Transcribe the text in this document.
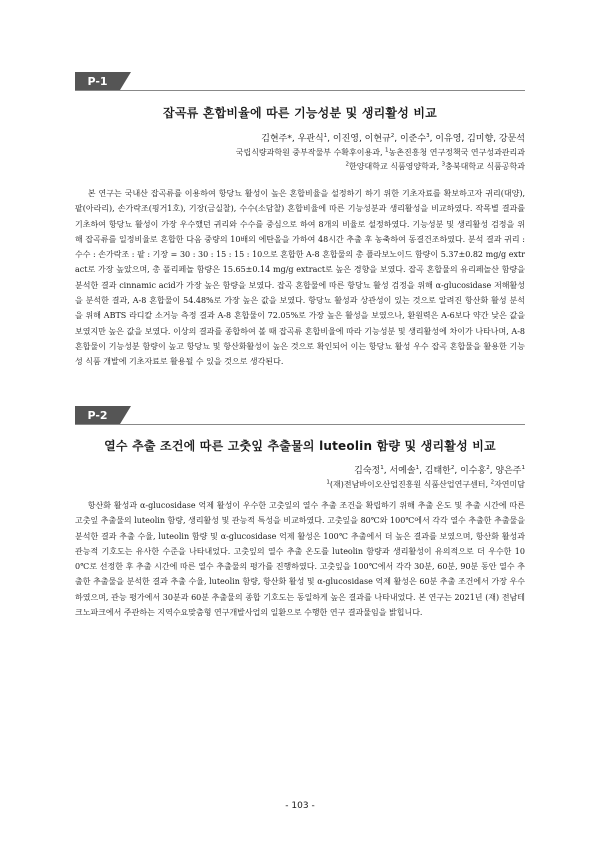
P-1
잡곡류 혼합비율에 따른 기능성분 및 생리활성 비교
김현주*, 우관식$^1$, 이진영, 이현규$^2$, 이준수$^3$, 이유영, 김미향, 강문석
국립식량과학원 중부작물부 수확후이용과, $^1$농촌진흥청 연구정책국 연구성과관리과
$^2$한양대학교 식품영양학과, $^3$충북대학교 식품공학과

본 연구는 국내산 잡곡류를 이용하여 항당뇨 활성이 높은 혼합비율을 설정하기 하기 위한 기초자료를 확보하고자 귀리(대양), 팥(아라리), 손가락조(핑거1호), 기장(금실찰), 수수(소담찰) 혼합비율에 따른 기능성분과 생리활성을 비교하였다. 작목별 결과를 기초하여 항당뇨 활성이 가장 우수했던 귀리와 수수를 중심으로 하여 8개의 비율로 설정하였다. 기능성분 및 생리활성 검정을 위해 잡곡류를 일정비율로 혼합한 다음 중량의 10배의 에탄올을 가하여 48시간 추출 후 농축하여 동결건조하였다. 분석 결과 귀리 : 수수 : 손가락조 : 팥 : 기장 = 30 : 30 : 15 : 15 : 10으로 혼합한 A-8 혼합물의 총 플라보노이드 함량이 5.37±0.82 mg/g extract로 가장 높았으며, 총 폴리페놀 함량은 15.65±0.14 mg/g extract로 높은 경향을 보였다. 잡곡 혼합물의 유리페놀산 함량을 분석한 결과 cinnamic acid가 가장 높은 함량을 보였다. 잡곡 혼합물에 따른 항당뇨 활성 검정을 위해 α-glucosidase 저해활성을 분석한 결과, A-8 혼합물이 54.48%로 가장 높은 값을 보였다. 항당뇨 활성과 상관성이 있는 것으로 알려진 항산화 활성 분석을 위해 ABTS 라디칼 소거능 측정 결과 A-8 혼합물이 72.05%로 가장 높은 활성을 보였으나, 환원력은 A-6보다 약간 낮은 값을 보였지만 높은 값을 보였다. 이상의 결과를 종합하여 볼 때 잡곡류 혼합비율에 따라 기능성분 및 생리활성에 차이가 나타나며, A-8 혼합물이 기능성분 함량이 높고 항당뇨 및 항산화활성이 높은 것으로 확인되어 이는 항당뇨 활성 우수 잡곡 혼합물을 활용한 기능성 식품 개발에 기초자료로 활용될 수 있을 것으로 생각된다.

P-2
열수 추출 조건에 따른 고춧잎 추출물의 luteolin 함량 및 생리활성 비교
김숙정$^1$, 서예솔$^1$, 김태한$^2$, 이수홍$^2$, 양은주$^1$
$^1$(재)전남바이오산업진흥원 식품산업연구센터, $^2$자연미담

항산화 활성과 α-glucosidase 억제 활성이 우수한 고춧잎의 열수 추출 조건을 확립하기 위해 추출 온도 및 추출 시간에 따른 고춧잎 추출물의 luteolin 함량, 생리활성 및 관능적 특성을 비교하였다. 고춧잎을 80℃와 100℃에서 각각 열수 추출한 추출물을 분석한 결과 추출 수율, luteolin 함량 및 α-glucosidase 억제 활성은 100℃ 추출에서 더 높은 결과를 보였으며, 항산화 활성과 관능적 기호도는 유사한 수준을 나타내었다. 고춧잎의 열수 추출 온도를 luteolin 함량과 생리활성이 유의적으로 더 우수한 100℃로 선정한 후 추출 시간에 따른 열수 추출물의 평가를 진행하였다. 고춧잎을 100℃에서 각각 30분, 60분, 90분 동안 열수 추출한 추출물을 분석한 결과 추출 수율, luteolin 함량, 항산화 활성 및 α-glucosidase 억제 활성은 60분 추출 조건에서 가장 우수하였으며, 관능 평가에서 30분과 60분 추출물의 종합 기호도는 동일하게 높은 결과를 나타내었다. 본 연구는 2021년 (재) 전남테크노파크에서 주관하는 지역수요맞춤형 연구개발사업의 일환으로 수행한 연구 결과물임을 밝힙니다.

- 103 -
